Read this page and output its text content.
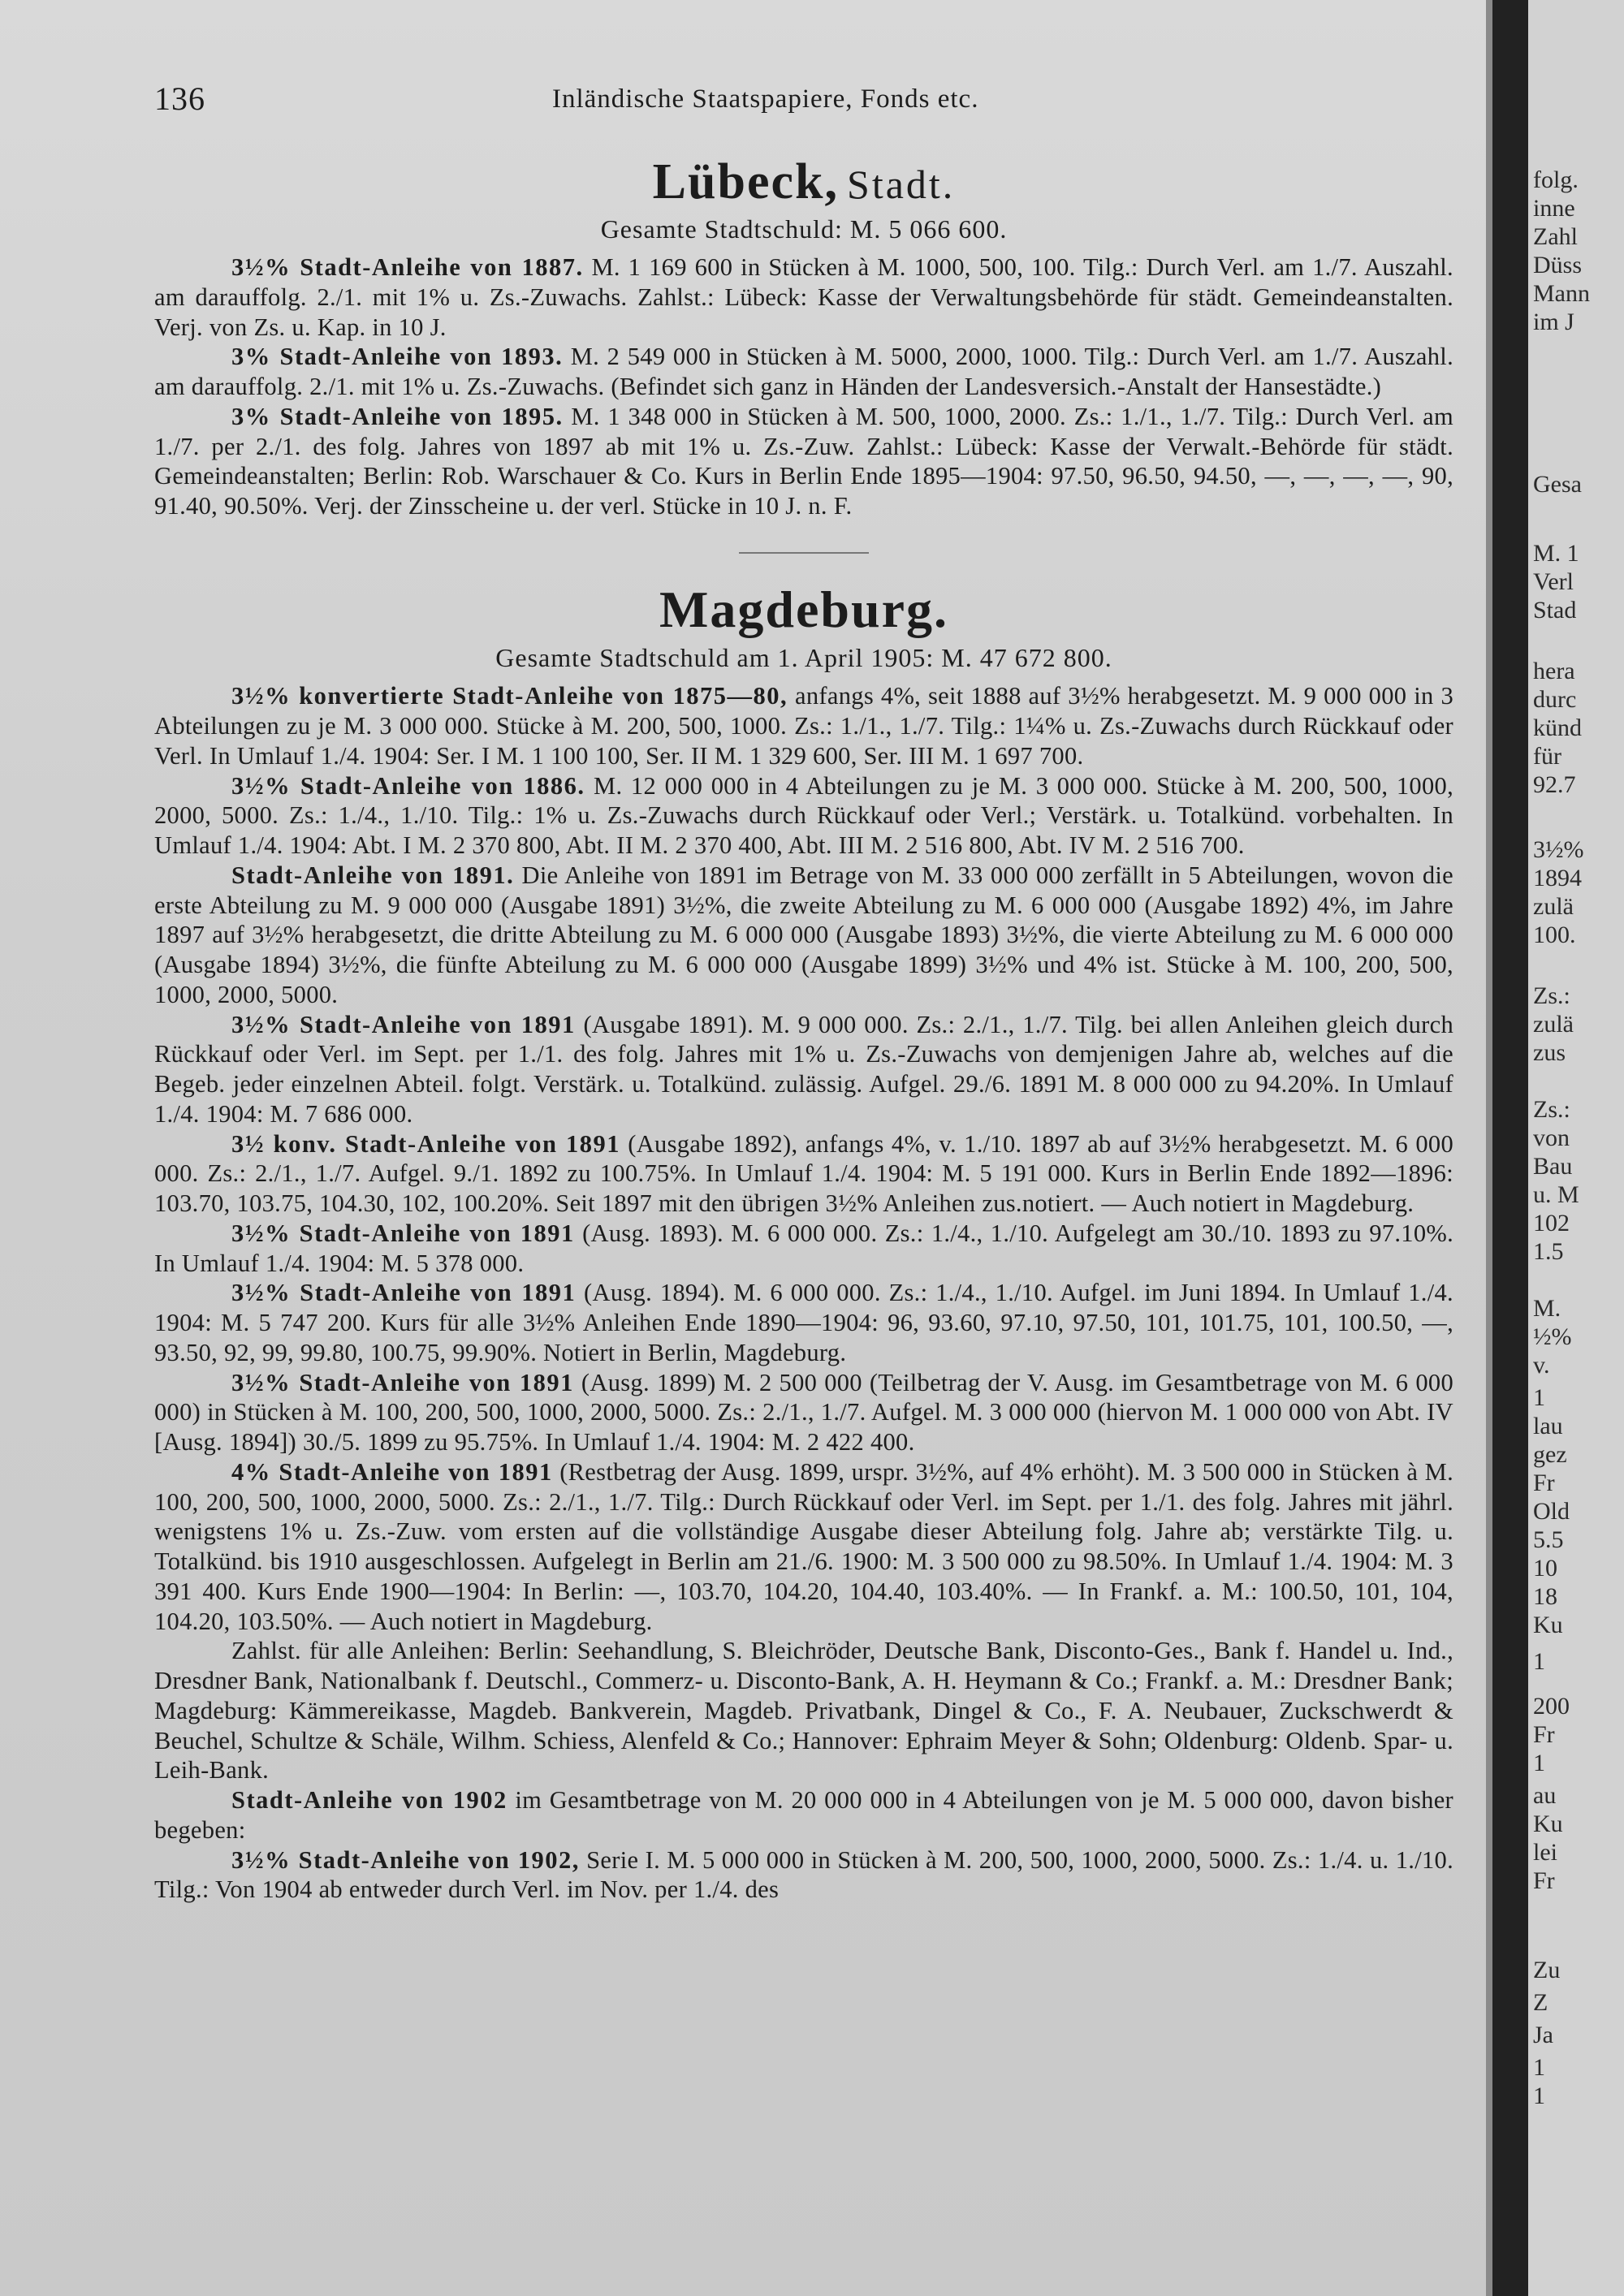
folg.
inne
Zahl
Düss
Mann
im J
Gesa
M. 1
Verl
Stad
hera
durc
künd
für
92.7
3½%
1894
zulä
100.
Zs.:
zulä
zus
Zs.:
von
Bau
u. M
102
1.5
M.
½%
v.
1
lau
gez
Fr
Old
5.5
10
18
Ku
1
200
Fr
1
au
Ku
lei
Fr
Zu
Z
Ja
1
1
136	Inländische Staatspapiere, Fonds etc.
Lübeck, Stadt.
Gesamte Stadtschuld: M. 5 066 600.

3½% Stadt-Anleihe von 1887. M. 1 169 600 in Stücken à M. 1000, 500, 100. Tilg.: Durch Verl. am 1./7. Auszahl. am darauffolg. 2./1. mit 1% u. Zs.-Zuwachs. Zahlst.: Lübeck: Kasse der Verwaltungsbehörde für städt. Gemeindeanstalten. Verj. von Zs. u. Kap. in 10 J.

3% Stadt-Anleihe von 1893. M. 2 549 000 in Stücken à M. 5000, 2000, 1000. Tilg.: Durch Verl. am 1./7. Auszahl. am darauffolg. 2./1. mit 1% u. Zs.-Zuwachs. (Befindet sich ganz in Händen der Landesversich.-Anstalt der Hansestädte.)

3% Stadt-Anleihe von 1895. M. 1 348 000 in Stücken à M. 500, 1000, 2000. Zs.: 1./1., 1./7. Tilg.: Durch Verl. am 1./7. per 2./1. des folg. Jahres von 1897 ab mit 1% u. Zs.-Zuw. Zahlst.: Lübeck: Kasse der Verwalt.-Behörde für städt. Gemeindeanstalten; Berlin: Rob. Warschauer & Co. Kurs in Berlin Ende 1895—1904: 97.50, 96.50, 94.50, —, —, —, —, 90, 91.40, 90.50%. Verj. der Zinsscheine u. der verl. Stücke in 10 J. n. F.

Magdeburg.
Gesamte Stadtschuld am 1. April 1905: M. 47 672 800.

3½% konvertierte Stadt-Anleihe von 1875—80, anfangs 4%, seit 1888 auf 3½% herabgesetzt. M. 9 000 000 in 3 Abteilungen zu je M. 3 000 000. Stücke à M. 200, 500, 1000. Zs.: 1./1., 1./7. Tilg.: 1¼% u. Zs.-Zuwachs durch Rückkauf oder Verl. In Umlauf 1./4. 1904: Ser. I M. 1 100 100, Ser. II M. 1 329 600, Ser. III M. 1 697 700.

3½% Stadt-Anleihe von 1886. M. 12 000 000 in 4 Abteilungen zu je M. 3 000 000. Stücke à M. 200, 500, 1000, 2000, 5000. Zs.: 1./4., 1./10. Tilg.: 1% u. Zs.-Zuwachs durch Rückkauf oder Verl.; Verstärk. u. Totalkünd. vorbehalten. In Umlauf 1./4. 1904: Abt. I M. 2 370 800, Abt. II M. 2 370 400, Abt. III M. 2 516 800, Abt. IV M. 2 516 700.

Stadt-Anleihe von 1891. Die Anleihe von 1891 im Betrage von M. 33 000 000 zerfällt in 5 Abteilungen, wovon die erste Abteilung zu M. 9 000 000 (Ausgabe 1891) 3½%, die zweite Abteilung zu M. 6 000 000 (Ausgabe 1892) 4%, im Jahre 1897 auf 3½% herabgesetzt, die dritte Abteilung zu M. 6 000 000 (Ausgabe 1893) 3½%, die vierte Abteilung zu M. 6 000 000 (Ausgabe 1894) 3½%, die fünfte Abteilung zu M. 6 000 000 (Ausgabe 1899) 3½% und 4% ist. Stücke à M. 100, 200, 500, 1000, 2000, 5000.

3½% Stadt-Anleihe von 1891 (Ausgabe 1891). M. 9 000 000. Zs.: 2./1., 1./7. Tilg. bei allen Anleihen gleich durch Rückkauf oder Verl. im Sept. per 1./1. des folg. Jahres mit 1% u. Zs.-Zuwachs von demjenigen Jahre ab, welches auf die Begeb. jeder einzelnen Abteil. folgt. Verstärk. u. Totalkünd. zulässig. Aufgel. 29./6. 1891 M. 8 000 000 zu 94.20%. In Umlauf 1./4. 1904: M. 7 686 000.

3½ konv. Stadt-Anleihe von 1891 (Ausgabe 1892), anfangs 4%, v. 1./10. 1897 ab auf 3½% herabgesetzt. M. 6 000 000. Zs.: 2./1., 1./7. Aufgel. 9./1. 1892 zu 100.75%. In Umlauf 1./4. 1904: M. 5 191 000. Kurs in Berlin Ende 1892—1896: 103.70, 103.75, 104.30, 102, 100.20%. Seit 1897 mit den übrigen 3½% Anleihen zus.notiert. — Auch notiert in Magdeburg.

3½% Stadt-Anleihe von 1891 (Ausg. 1893). M. 6 000 000. Zs.: 1./4., 1./10. Aufgelegt am 30./10. 1893 zu 97.10%. In Umlauf 1./4. 1904: M. 5 378 000.

3½% Stadt-Anleihe von 1891 (Ausg. 1894). M. 6 000 000. Zs.: 1./4., 1./10. Aufgel. im Juni 1894. In Umlauf 1./4. 1904: M. 5 747 200. Kurs für alle 3½% Anleihen Ende 1890—1904: 96, 93.60, 97.10, 97.50, 101, 101.75, 101, 100.50, —, 93.50, 92, 99, 99.80, 100.75, 99.90%. Notiert in Berlin, Magdeburg.

3½% Stadt-Anleihe von 1891 (Ausg. 1899) M. 2 500 000 (Teilbetrag der V. Ausg. im Gesamtbetrage von M. 6 000 000) in Stücken à M. 100, 200, 500, 1000, 2000, 5000. Zs.: 2./1., 1./7. Aufgel. M. 3 000 000 (hiervon M. 1 000 000 von Abt. IV [Ausg. 1894]) 30./5. 1899 zu 95.75%. In Umlauf 1./4. 1904: M. 2 422 400.

4% Stadt-Anleihe von 1891 (Restbetrag der Ausg. 1899, urspr. 3½%, auf 4% erhöht). M. 3 500 000 in Stücken à M. 100, 200, 500, 1000, 2000, 5000. Zs.: 2./1., 1./7. Tilg.: Durch Rückkauf oder Verl. im Sept. per 1./1. des folg. Jahres mit jährl. wenigstens 1% u. Zs.-Zuw. vom ersten auf die vollständige Ausgabe dieser Abteilung folg. Jahre ab; verstärkte Tilg. u. Totalkünd. bis 1910 ausgeschlossen. Aufgelegt in Berlin am 21./6. 1900: M. 3 500 000 zu 98.50%. In Umlauf 1./4. 1904: M. 3 391 400. Kurs Ende 1900—1904: In Berlin: —, 103.70, 104.20, 104.40, 103.40%. — In Frankf. a. M.: 100.50, 101, 104, 104.20, 103.50%. — Auch notiert in Magdeburg.

Zahlst. für alle Anleihen: Berlin: Seehandlung, S. Bleichröder, Deutsche Bank, Disconto-Ges., Bank f. Handel u. Ind., Dresdner Bank, Nationalbank f. Deutschl., Commerz- u. Disconto-Bank, A. H. Heymann & Co.; Frankf. a. M.: Dresdner Bank; Magdeburg: Kämmereikasse, Magdeb. Bankverein, Magdeb. Privatbank, Dingel & Co., F. A. Neubauer, Zuckschwerdt & Beuchel, Schultze & Schäle, Wilhm. Schiess, Alenfeld & Co.; Hannover: Ephraim Meyer & Sohn; Oldenburg: Oldenb. Spar- u. Leih-Bank.

Stadt-Anleihe von 1902 im Gesamtbetrage von M. 20 000 000 in 4 Abteilungen von je M. 5 000 000, davon bisher begeben:

3½% Stadt-Anleihe von 1902, Serie I. M. 5 000 000 in Stücken à M. 200, 500, 1000, 2000, 5000. Zs.: 1./4. u. 1./10. Tilg.: Von 1904 ab entweder durch Verl. im Nov. per 1./4. des
